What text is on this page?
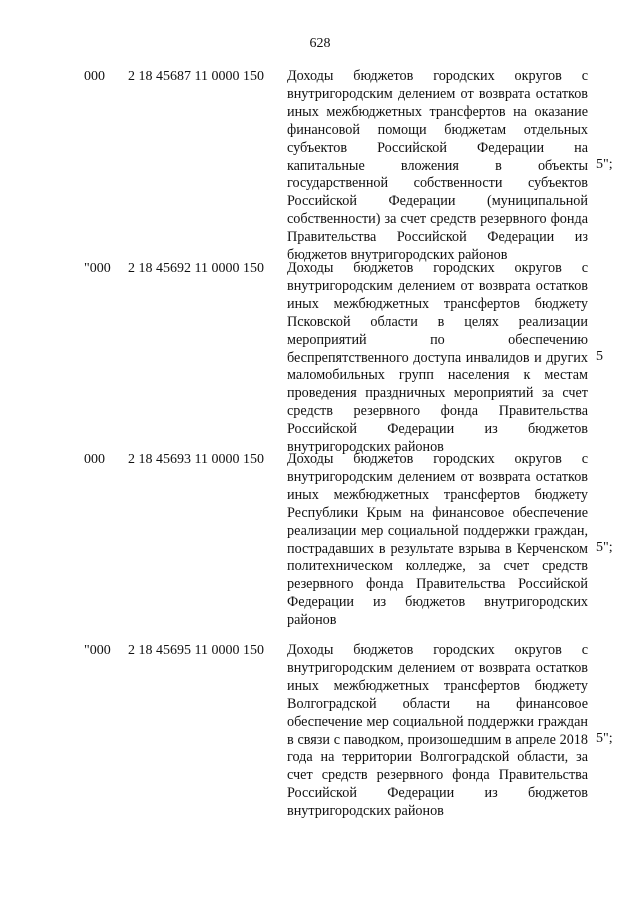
628
000 2 18 45687 11 0000 150 Доходы бюджетов городских округов с внутригородским делением от возврата остатков иных межбюджетных трансфертов на оказание финансовой помощи бюджетам отдельных субъектов Российской Федерации на капитальные вложения в объекты государственной собственности субъектов Российской Федерации (муниципальной собственности) за счет средств резервного фонда Правительства Российской Федерации из бюджетов внутригородских районов
5";
"000 2 18 45692 11 0000 150 Доходы бюджетов городских округов с внутригородским делением от возврата остатков иных межбюджетных трансфертов бюджету Псковской области в целях реализации мероприятий по обеспечению беспрепятственного доступа инвалидов и других маломобильных групп населения к местам проведения праздничных мероприятий за счет средств резервного фонда Правительства Российской Федерации из бюджетов внутригородских районов
5
000 2 18 45693 11 0000 150 Доходы бюджетов городских округов с внутригородским делением от возврата остатков иных межбюджетных трансфертов бюджету Республики Крым на финансовое обеспечение реализации мер социальной поддержки граждан, пострадавших в результате взрыва в Керченском политехническом колледже, за счет средств резервного фонда Правительства Российской Федерации из бюджетов внутригородских районов
5";
"000 2 18 45695 11 0000 150 Доходы бюджетов городских округов с внутригородским делением от возврата остатков иных межбюджетных трансфертов бюджету Волгоградской области на финансовое обеспечение мер социальной поддержки граждан в связи с паводком, произошедшим в апреле 2018 года на территории Волгоградской области, за счет средств резервного фонда Правительства Российской Федерации из бюджетов внутригородских районов
5";
